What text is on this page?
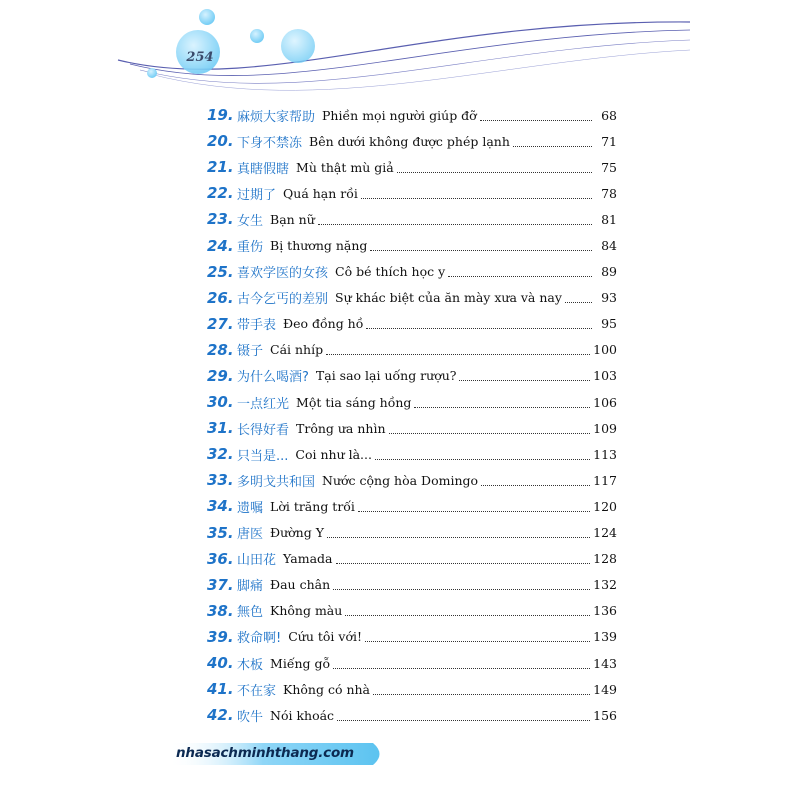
254
19. 麻烦大家帮助 Phiền mọi người giúp đỡ	68
20. 下身不禁冻 Bên dưới không được phép lạnh	71
21. 真瞎假瞎 Mù thật mù giả	75
22. 过期了 Quá hạn rồi	78
23. 女生 Bạn nữ	81
24. 重伤 Bị thương nặng	84
25. 喜欢学医的女孩 Cô bé thích học y	89
26. 古今乞丐的差别 Sự khác biệt của ăn mày xưa và nay	93
27. 带手表 Đeo đồng hồ	95
28. 镊子 Cái nhíp	100
29. 为什么喝酒? Tại sao lại uống rượu?	103
30. 一点红光 Một tia sáng hồng	106
31. 长得好看 Trông ưa nhìn	109
32. 只当是... Coi như là...	113
33. 多明戈共和国 Nước cộng hòa Domingo	117
34. 遗嘱 Lời trăng trối	120
35. 唐医 Đường Y	124
36. 山田花 Yamada	128
37. 脚痛 Đau chân	132
38. 無色 Không màu	136
39. 救命啊! Cứu tôi với!	139
40. 木板 Miếng gỗ	143
41. 不在家 Không có nhà	149
42. 吹牛 Nói khoác	156
nhasachminhthang.com
